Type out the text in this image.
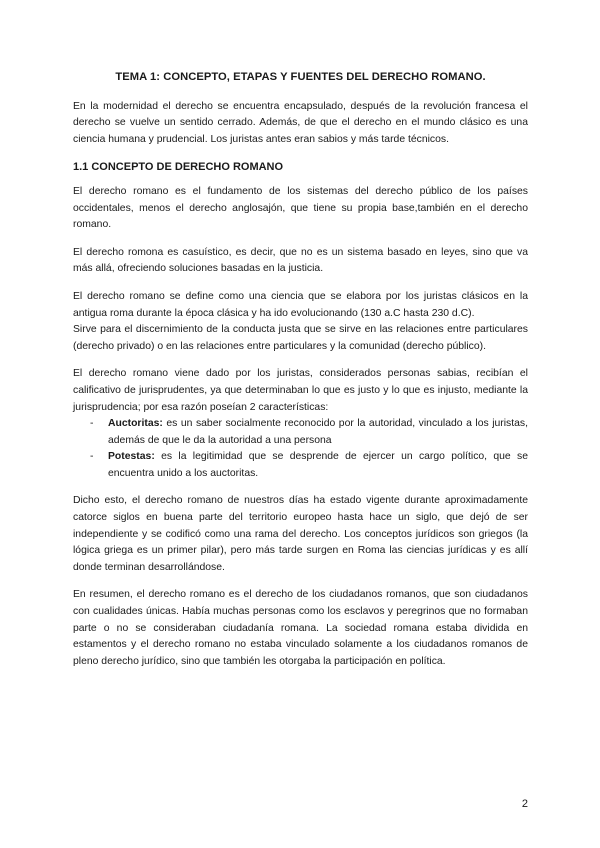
TEMA 1: CONCEPTO, ETAPAS Y FUENTES DEL DERECHO ROMANO.

En la modernidad el derecho se encuentra encapsulado, después de la revolución francesa el derecho se vuelve un sentido cerrado. Además, de que el derecho en el mundo clásico es una ciencia humana y prudencial. Los juristas antes eran sabios y más tarde técnicos.

1.1 CONCEPTO DE DERECHO ROMANO

El derecho romano es el fundamento de los sistemas del derecho público de los países occidentales, menos el derecho anglosajón, que tiene su propia base,también en el derecho romano.

El derecho romona es casuístico, es decir, que no es un sistema basado en leyes, sino que va más allá, ofreciendo soluciones basadas en la justicia.

El derecho romano se define como una ciencia que se elabora por los juristas clásicos en la antigua roma durante la época clásica y ha ido evolucionando (130 a.C hasta 230 d.C).

Sirve para el discernimiento de la conducta justa que se sirve en las relaciones entre particulares (derecho privado) o en las relaciones entre particulares y la comunidad (derecho público).

El derecho romano viene dado por los juristas, considerados personas sabias, recibían el calificativo de jurisprudentes, ya que determinaban lo que es justo y lo que es injusto, mediante la jurisprudencia; por esa razón poseían 2 características:

- Auctoritas: es un saber socialmente reconocido por la autoridad, vinculado a los juristas, además de que le da la autoridad a una persona
- Potestas: es la legitimidad que se desprende de ejercer un cargo político, que se encuentra unido a los auctoritas.

Dicho esto, el derecho romano de nuestros días ha estado vigente durante aproximadamente catorce siglos en buena parte del territorio europeo hasta hace un siglo, que dejó de ser independiente y se codificó como una rama del derecho. Los conceptos jurídicos son griegos (la lógica griega es un primer pilar), pero más tarde surgen en Roma las ciencias jurídicas y es allí donde terminan desarrollándose.

En resumen, el derecho romano es el derecho de los ciudadanos romanos, que son ciudadanos con cualidades únicas. Había muchas personas como los esclavos y peregrinos que no formaban parte o no se consideraban ciudadanía romana. La sociedad romana estaba dividida en estamentos y el derecho romano no estaba vinculado solamente a los ciudadanos romanos de pleno derecho jurídico, sino que también les otorgaba la participación en política.

2
